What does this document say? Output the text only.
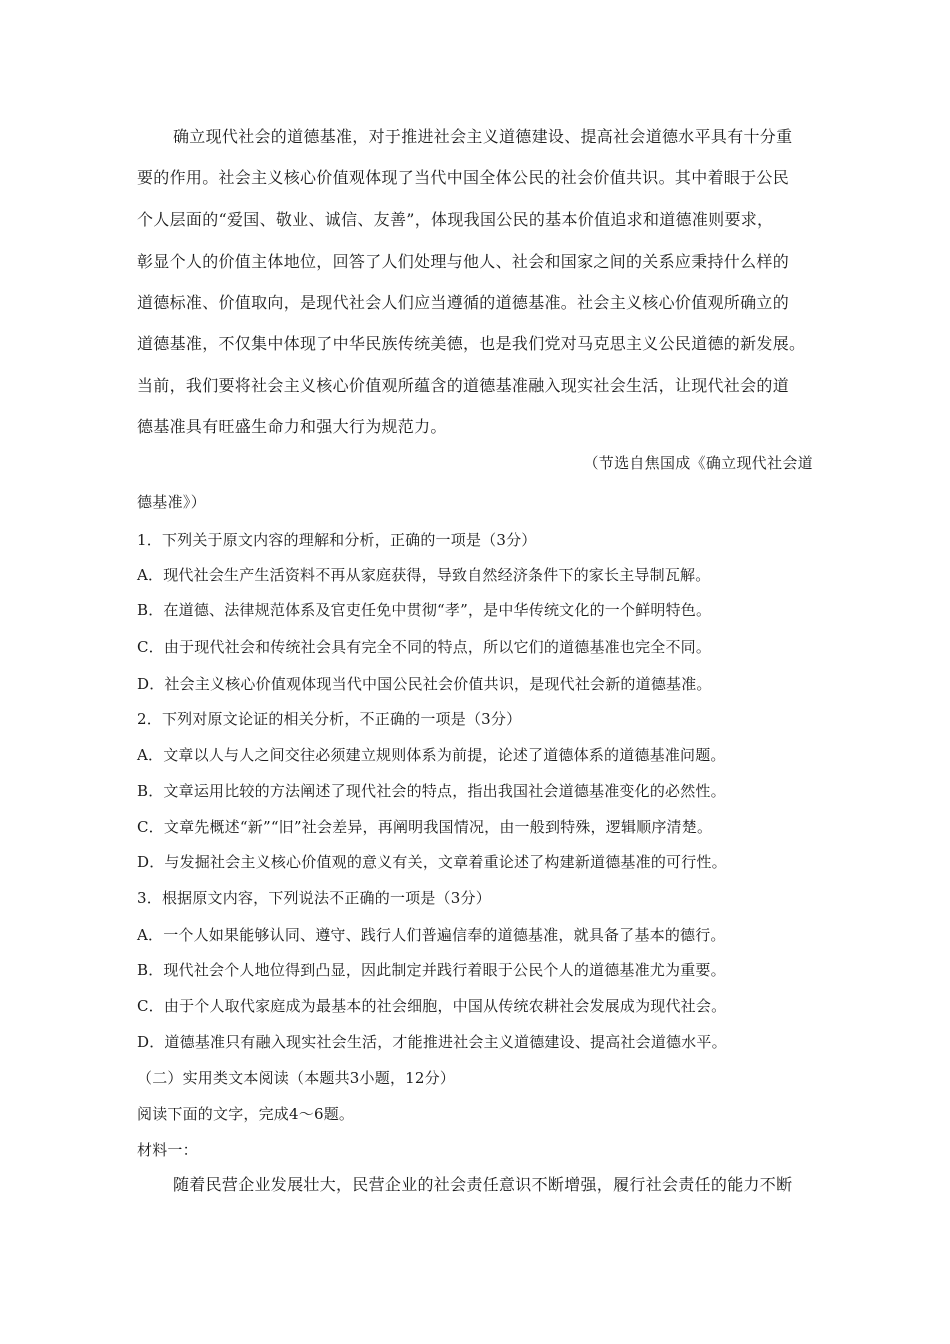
确立现代社会的道德基准，对于推进社会主义道德建设、提高社会道德水平具有十分重
要的作用。社会主义核心价值观体现了当代中国全体公民的社会价值共识。其中着眼于公民
个人层面的“爱国、敬业、诚信、友善”，体现我国公民的基本价值追求和道德准则要求，
彰显个人的价值主体地位，回答了人们处理与他人、社会和国家之间的关系应秉持什么样的
道德标准、价值取向，是现代社会人们应当遵循的道德基准。社会主义核心价值观所确立的
道德基准，不仅集中体现了中华民族传统美德，也是我们党对马克思主义公民道德的新发展。
当前，我们要将社会主义核心价值观所蕴含的道德基准融入现实社会生活，让现代社会的道
德基准具有旺盛生命力和强大行为规范力。
（节选自焦国成《确立现代社会道
德基准》）
1．下列关于原文内容的理解和分析，正确的一项是（3分）
A．现代社会生产生活资料不再从家庭获得，导致自然经济条件下的家长主导制瓦解。
B．在道德、法律规范体系及官吏任免中贯彻“孝”，是中华传统文化的一个鲜明特色。
C．由于现代社会和传统社会具有完全不同的特点，所以它们的道德基准也完全不同。
D．社会主义核心价值观体现当代中国公民社会价值共识，是现代社会新的道德基准。
2．下列对原文论证的相关分析，不正确的一项是（3分）
A．文章以人与人之间交往必须建立规则体系为前提，论述了道德体系的道德基准问题。
B．文章运用比较的方法阐述了现代社会的特点，指出我国社会道德基准变化的必然性。
C．文章先概述“新”“旧”社会差异，再阐明我国情况，由一般到特殊，逻辑顺序清楚。
D．与发掘社会主义核心价值观的意义有关，文章着重论述了构建新道德基准的可行性。
3．根据原文内容，下列说法不正确的一项是（3分）
A．一个人如果能够认同、遵守、践行人们普遍信奉的道德基准，就具备了基本的德行。
B．现代社会个人地位得到凸显，因此制定并践行着眼于公民个人的道德基准尤为重要。
C．由于个人取代家庭成为最基本的社会细胞，中国从传统农耕社会发展成为现代社会。
D．道德基准只有融入现实社会生活，才能推进社会主义道德建设、提高社会道德水平。
（二）实用类文本阅读（本题共3小题，12分）
阅读下面的文字，完成4～6题。
材料一：
随着民营企业发展壮大，民营企业的社会责任意识不断增强，履行社会责任的能力不断
